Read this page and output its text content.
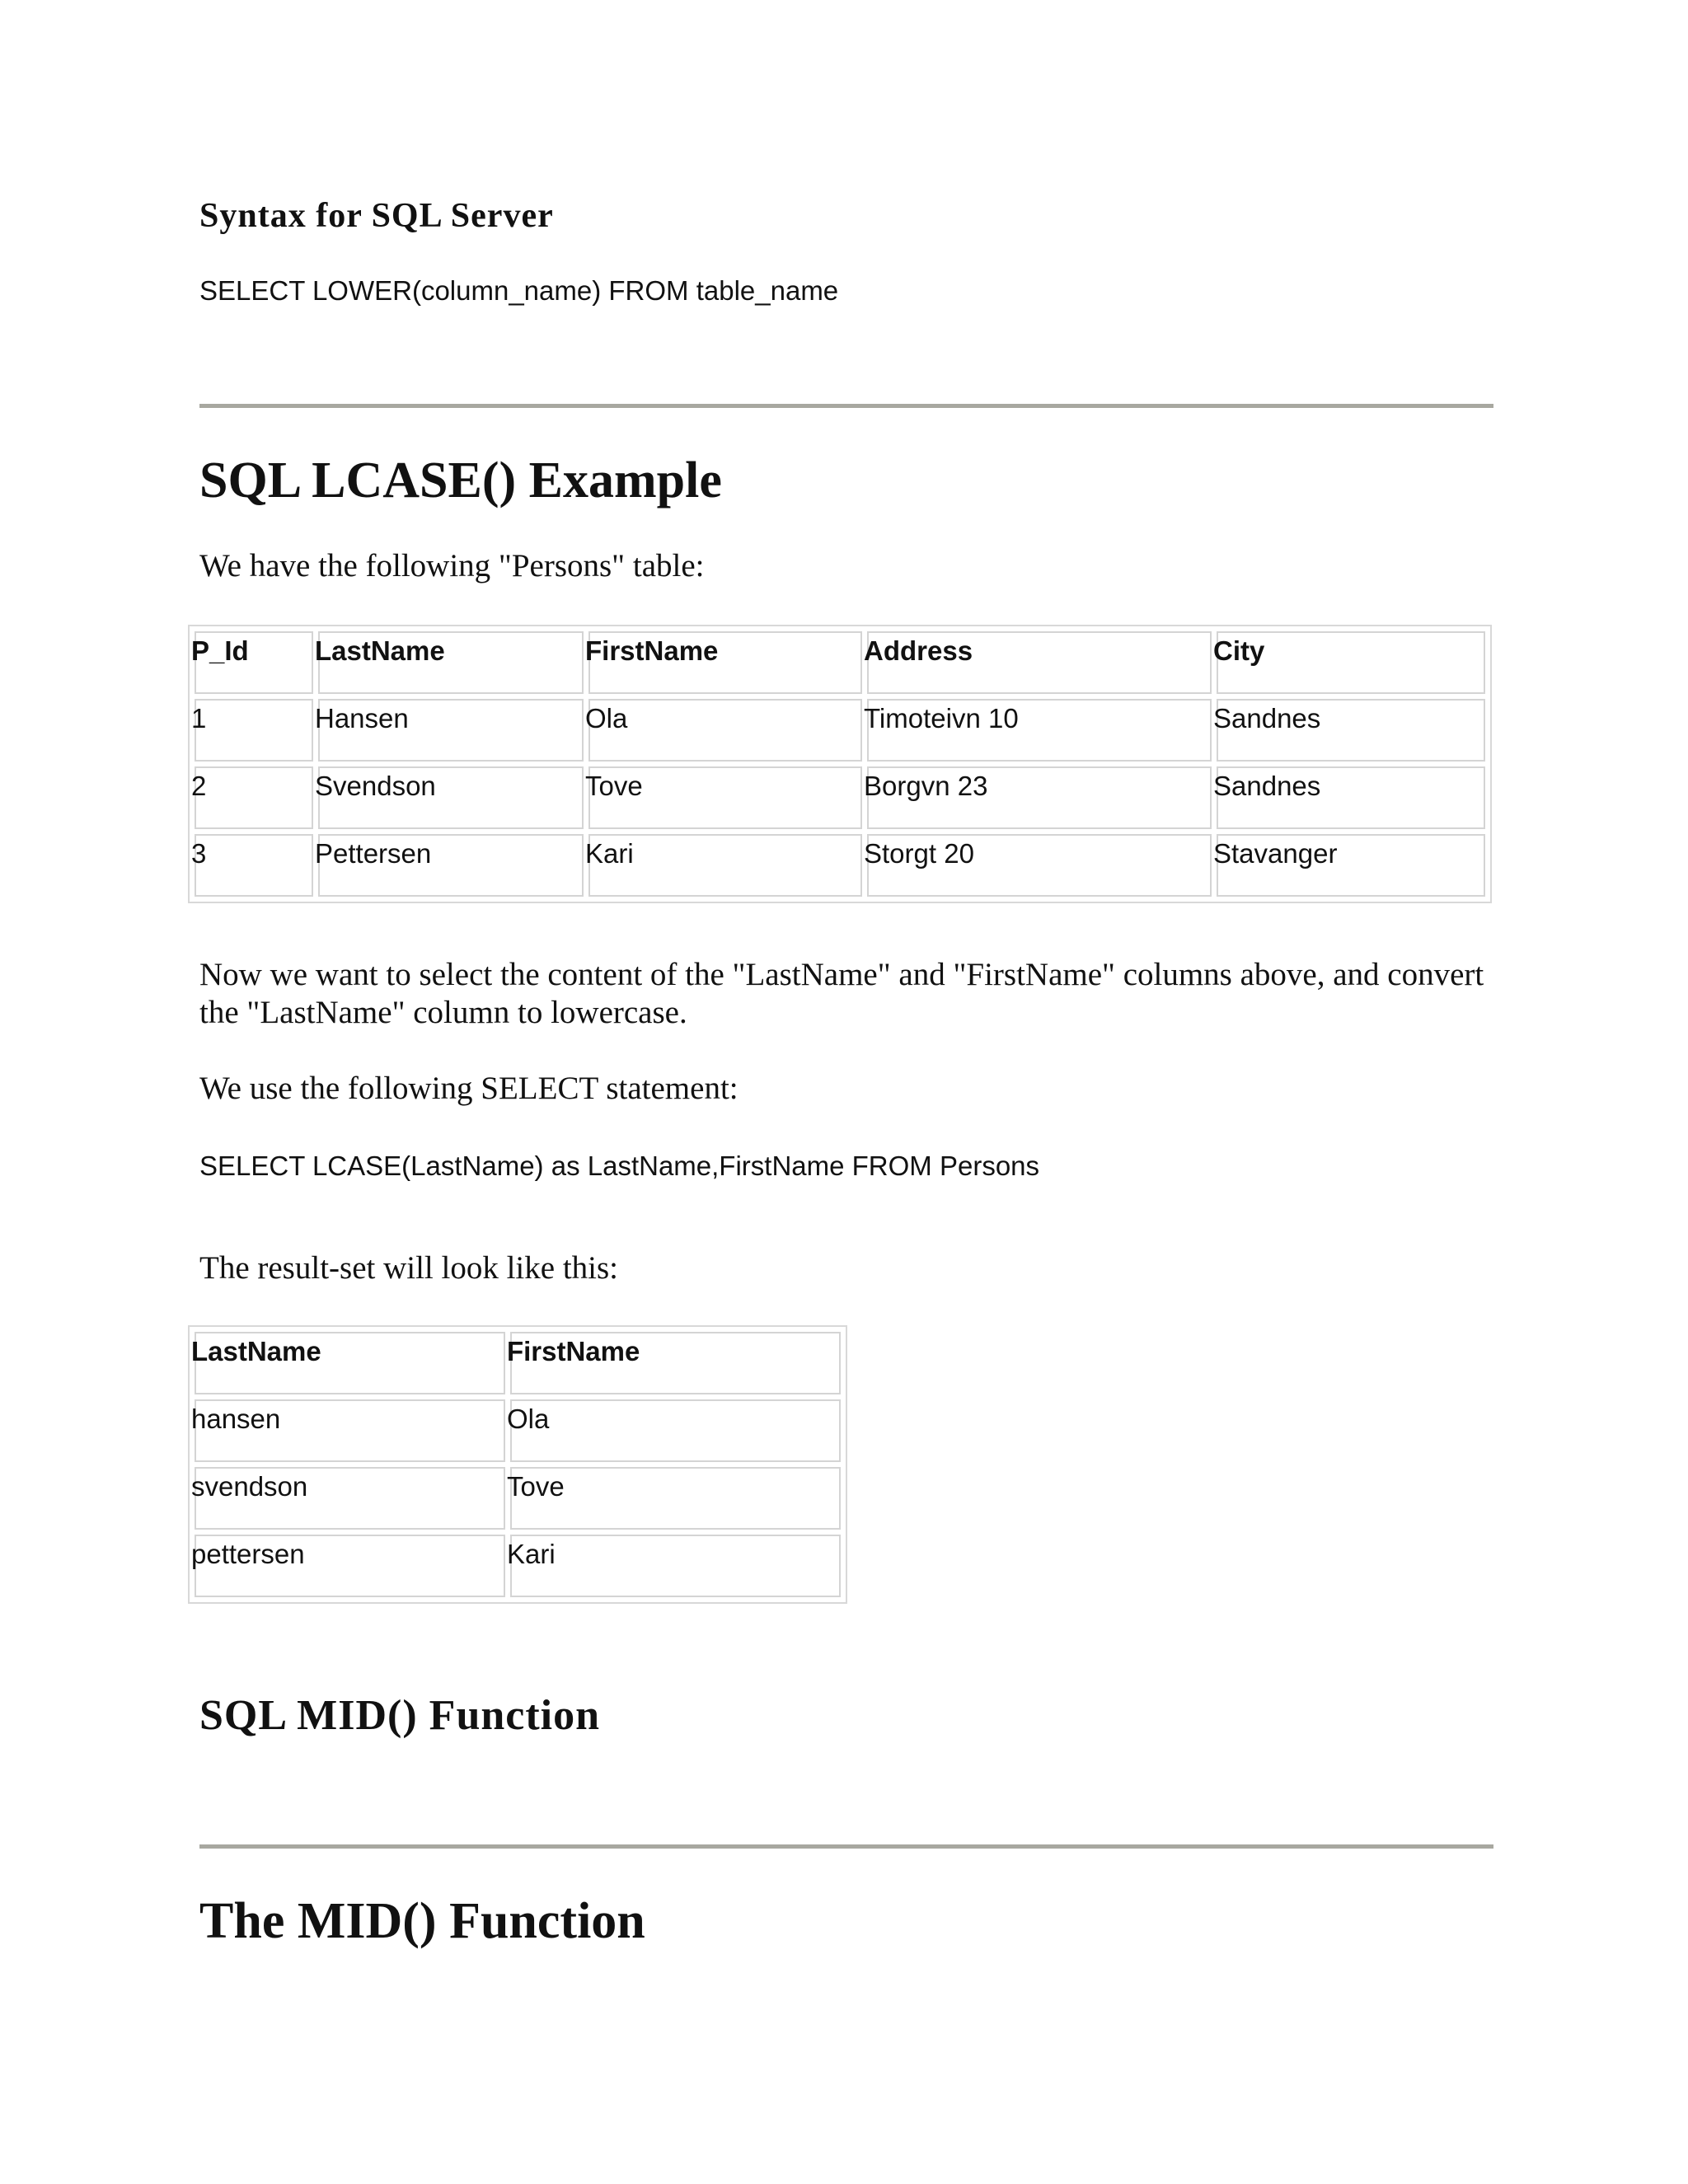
Syntax for SQL Server

SELECT LOWER(column_name) FROM table_name

SQL LCASE() Example

We have the following "Persons" table:

P_Id	LastName	FirstName	Address	City

1	Hansen	Ola	Timoteivn 10	Sandnes

2	Svendson	Tove	Borgvn 23	Sandnes

3	Pettersen	Kari	Storgt 20	Stavanger

Now we want to select the content of the "LastName" and "FirstName" columns above, and convert the "LastName" column to lowercase.

We use the following SELECT statement:

SELECT LCASE(LastName) as LastName,FirstName FROM Persons

The result-set will look like this:

LastName	FirstName

hansen	Ola

svendson	Tove

pettersen	Kari
SQL MID() Function
The MID() Function
